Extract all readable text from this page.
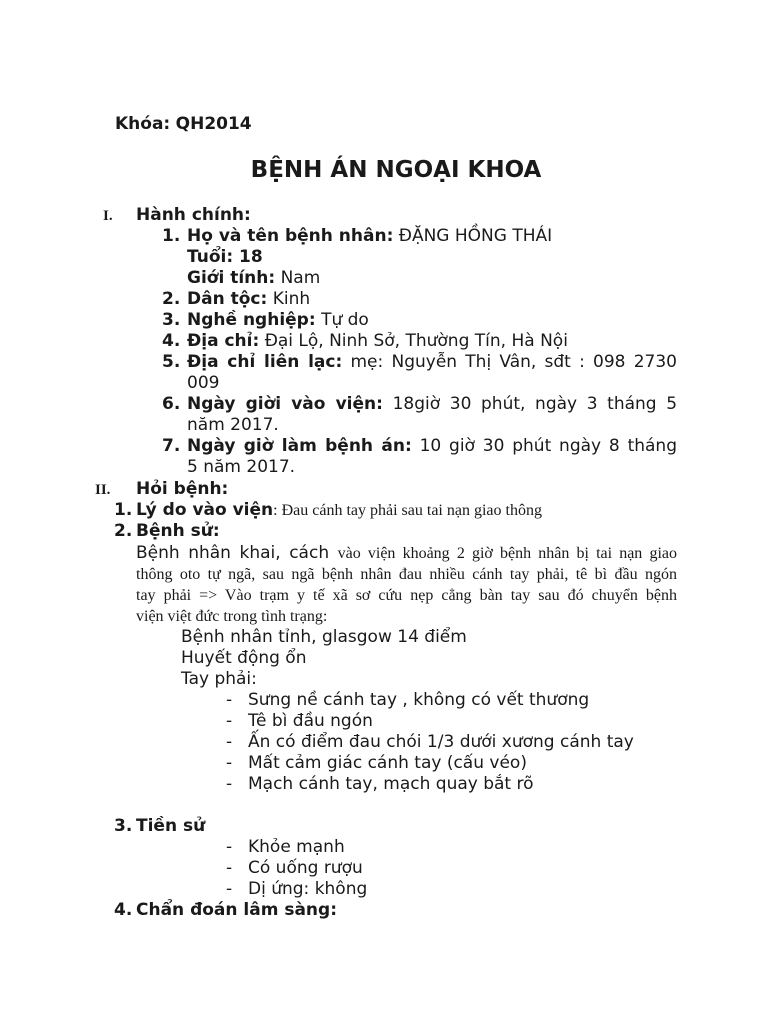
Khóa: QH2014
BỆNH ÁN NGOẠI KHOA
I. Hành chính:
1. Họ và tên bệnh nhân: ĐẶNG HỒNG THÁI
Tuổi: 18
Giới tính: Nam
2. Dân tộc: Kinh
3. Nghề nghiệp: Tự do
4. Địa chỉ: Đại Lộ, Ninh Sở, Thường Tín, Hà Nội
5. Địa chỉ liên lạc: mẹ: Nguyễn Thị Vân, sđt : 098 2730
009
6. Ngày giời vào viện: 18giờ 30 phút, ngày 3 tháng 5
năm 2017.
7. Ngày giờ làm bệnh án: 10 giờ 30 phút ngày 8 tháng
5 năm 2017.
II. Hỏi bệnh:
1. Lý do vào viện: Đau cánh tay phải sau tai nạn giao thông
2. Bệnh sử:
Bệnh nhân khai, cách vào viện khoảng 2 giờ bệnh nhân bị tai nạn giao
thông oto tự ngã, sau ngã bệnh nhân đau nhiều cánh tay phải, tê bì đầu ngón
tay phải => Vào trạm y tế xã sơ cứu nẹp cẳng bàn tay sau đó chuyển bệnh
viện việt đức trong tình trạng:
Bệnh nhân tỉnh, glasgow 14 điểm
Huyết động ổn
Tay phải:
- Sưng nề cánh tay , không có vết thương
- Tê bì đầu ngón
- Ấn có điểm đau chói 1/3 dưới xương cánh tay
- Mất cảm giác cánh tay (cấu véo)
- Mạch cánh tay, mạch quay bắt rõ
3. Tiền sử
- Khỏe mạnh
- Có uống rượu
- Dị ứng: không
4. Chẩn đoán lâm sàng:
